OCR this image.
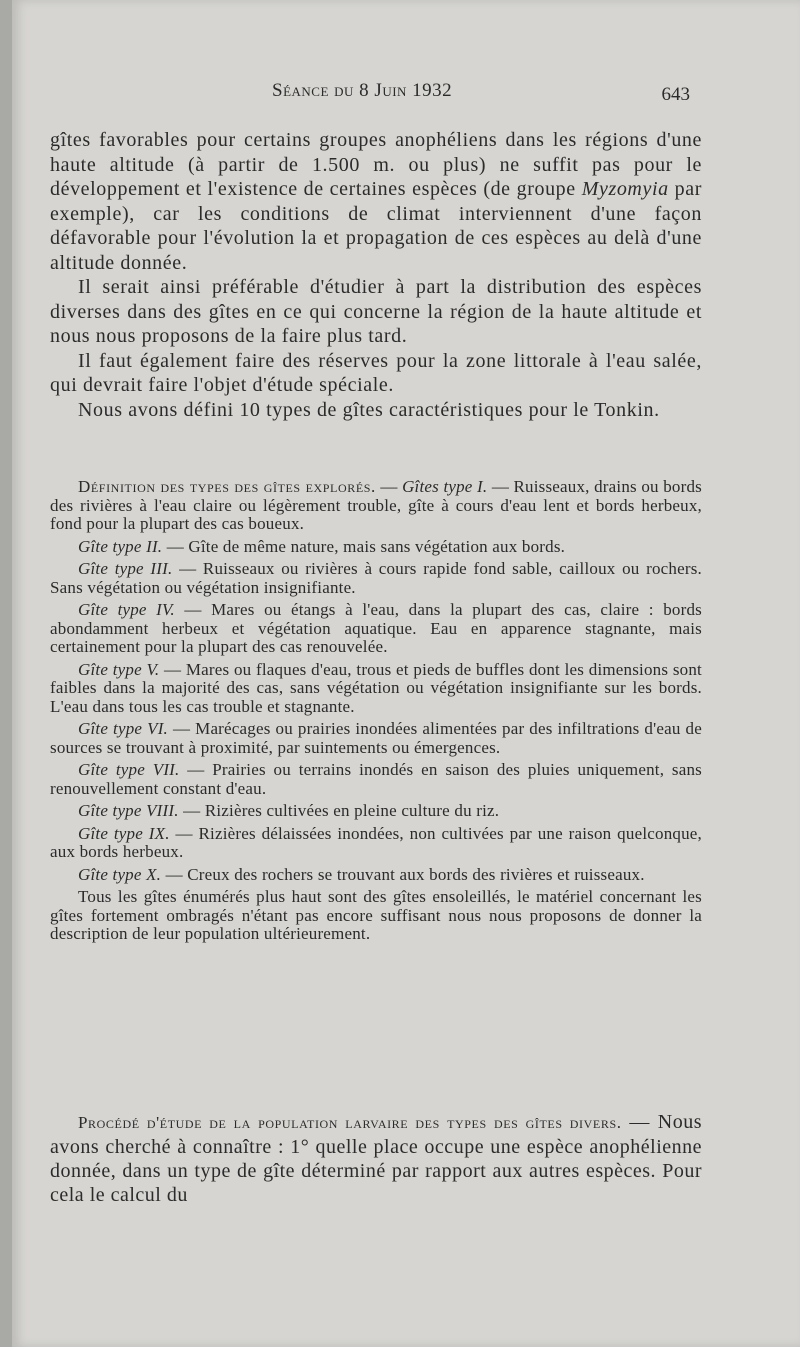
Séance du 8 Juin 1932	643

gîtes favorables pour certains groupes anophéliens dans les régions d'une haute altitude (à partir de 1.500 m. ou plus) ne suffit pas pour le développement et l'existence de certaines espèces (de groupe Myzomyia par exemple), car les conditions de climat interviennent d'une façon défavorable pour l'évolution la et propagation de ces espèces au delà d'une altitude donnée.

Il serait ainsi préférable d'étudier à part la distribution des espèces diverses dans des gîtes en ce qui concerne la région de la haute altitude et nous nous proposons de la faire plus tard.

Il faut également faire des réserves pour la zone littorale à l'eau salée, qui devrait faire l'objet d'étude spéciale.

Nous avons défini 10 types de gîtes caractéristiques pour le Tonkin.

Définition des types des gîtes explorés. — Gîtes type I. — Ruisseaux, drains ou bords des rivières à l'eau claire ou légèrement trouble, gîte à cours d'eau lent et bords herbeux, fond pour la plupart des cas boueux.

Gîte type II. — Gîte de même nature, mais sans végétation aux bords.

Gîte type III. — Ruisseaux ou rivières à cours rapide fond sable, cailloux ou rochers. Sans végétation ou végétation insignifiante.

Gîte type IV. — Mares ou étangs à l'eau, dans la plupart des cas, claire : bords abondamment herbeux et végétation aquatique. Eau en apparence stagnante, mais certainement pour la plupart des cas renouvelée.

Gîte type V. — Mares ou flaques d'eau, trous et pieds de buffles dont les dimensions sont faibles dans la majorité des cas, sans végétation ou végétation insignifiante sur les bords. L'eau dans tous les cas trouble et stagnante.

Gîte type VI. — Marécages ou prairies inondées alimentées par des infiltrations d'eau de sources se trouvant à proximité, par suintements ou émergences.

Gîte type VII. — Prairies ou terrains inondés en saison des pluies uniquement, sans renouvellement constant d'eau.

Gîte type VIII. — Rizières cultivées en pleine culture du riz.

Gîte type IX. — Rizières délaissées inondées, non cultivées par une raison quelconque, aux bords herbeux.

Gîte type X. — Creux des rochers se trouvant aux bords des rivières et ruisseaux.

Tous les gîtes énumérés plus haut sont des gîtes ensoleillés, le matériel concernant les gîtes fortement ombragés n'étant pas encore suffisant nous nous proposons de donner la description de leur population ultérieurement.

Procédé d'étude de la population larvaire des types des gîtes divers. — Nous avons cherché à connaître : 1° quelle place occupe une espèce anophélienne donnée, dans un type de gîte déterminé par rapport aux autres espèces. Pour cela le calcul du
